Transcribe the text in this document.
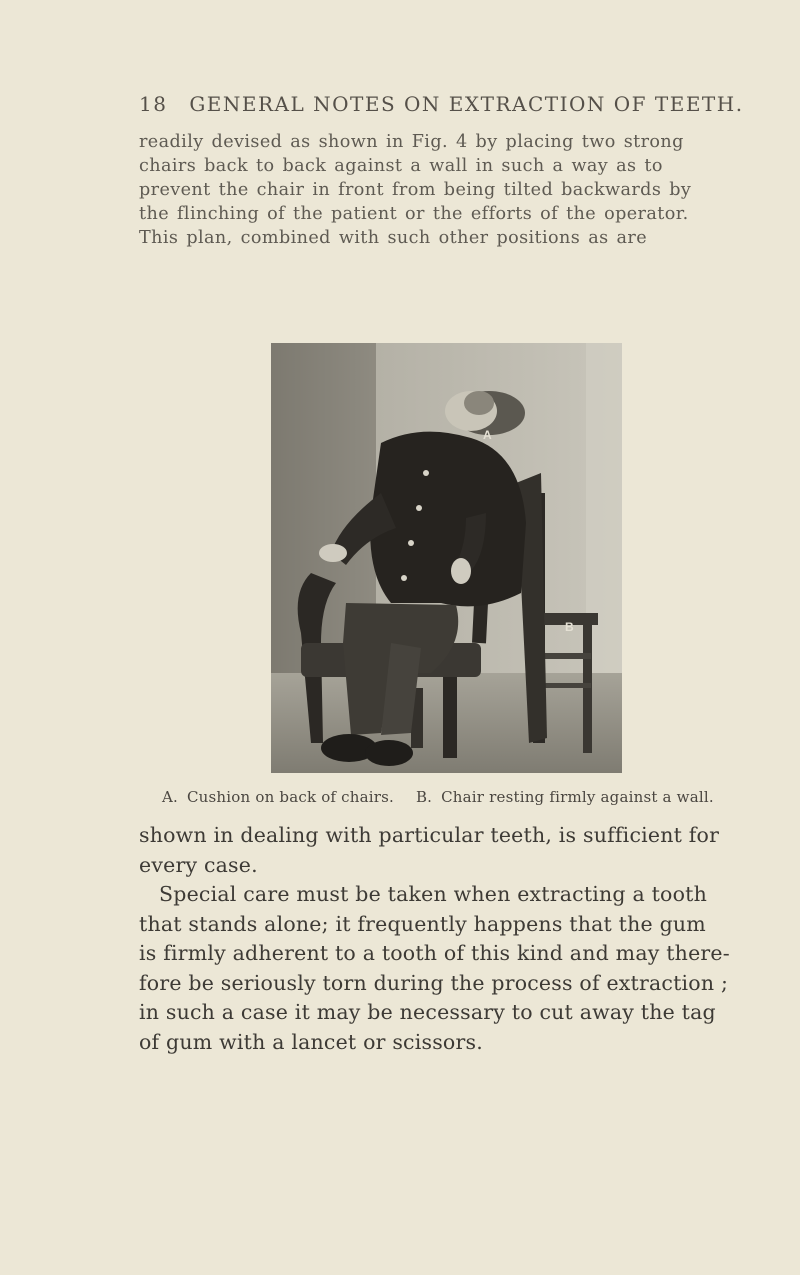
18 GENERAL NOTES ON EXTRACTION OF TEETH.
readily devised as shown in Fig. 4 by placing two strong
chairs back to back against a wall in such a way as to
prevent the chair in front from being tilted backwards by
the flinching of the patient or the efforts of the operator.
This plan, combined with such other positions as are
A
B
A. Cushion on back of chairs. B. Chair resting firmly against a wall.
shown in dealing with particular teeth, is sufficient for
every case.
Special care must be taken when extracting a tooth
that stands alone; it frequently happens that the gum
is firmly adherent to a tooth of this kind and may there-
fore be seriously torn during the process of extraction ;
in such a case it may be necessary to cut away the tag
of gum with a lancet or scissors.
